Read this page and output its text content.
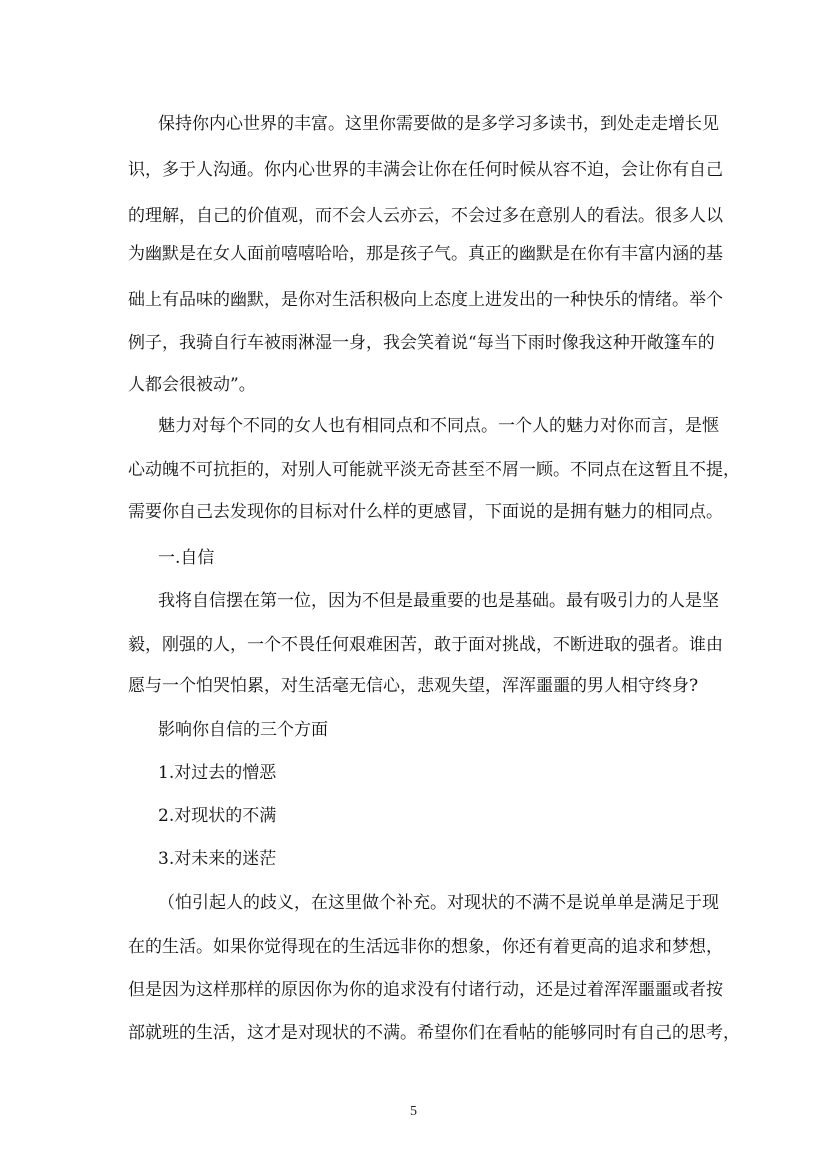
保持你内心世界的丰富。这里你需要做的是多学习多读书，到处走走增长见
识，多于人沟通。你内心世界的丰满会让你在任何时候从容不迫，会让你有自己
的理解，自己的价值观，而不会人云亦云，不会过多在意别人的看法。很多人以
为幽默是在女人面前嘻嘻哈哈，那是孩子气。真正的幽默是在你有丰富内涵的基
础上有品味的幽默，是你对生活积极向上态度上进发出的一种快乐的情绪。举个
例子，我骑自行车被雨淋湿一身，我会笑着说“每当下雨时像我这种开敞篷车的
人都会很被动”。
魅力对每个不同的女人也有相同点和不同点。一个人的魅力对你而言，是惬
心动魄不可抗拒的，对别人可能就平淡无奇甚至不屑一顾。不同点在这暂且不提，
需要你自己去发现你的目标对什么样的更感冒，下面说的是拥有魅力的相同点。
一.自信
我将自信摆在第一位，因为不但是最重要的也是基础。最有吸引力的人是坚
毅，刚强的人，一个不畏任何艰难困苦，敢于面对挑战，不断进取的强者。谁由
愿与一个怕哭怕累，对生活毫无信心，悲观失望，浑浑噩噩的男人相守终身?
影响你自信的三个方面
1.对过去的憎恶
2.对现状的不满
3.对未来的迷茫
（怕引起人的歧义，在这里做个补充。对现状的不满不是说单单是满足于现
在的生活。如果你觉得现在的生活远非你的想象，你还有着更高的追求和梦想，
但是因为这样那样的原因你为你的追求没有付诸行动，还是过着浑浑噩噩或者按
部就班的生活，这才是对现状的不满。希望你们在看帖的能够同时有自己的思考，
5
